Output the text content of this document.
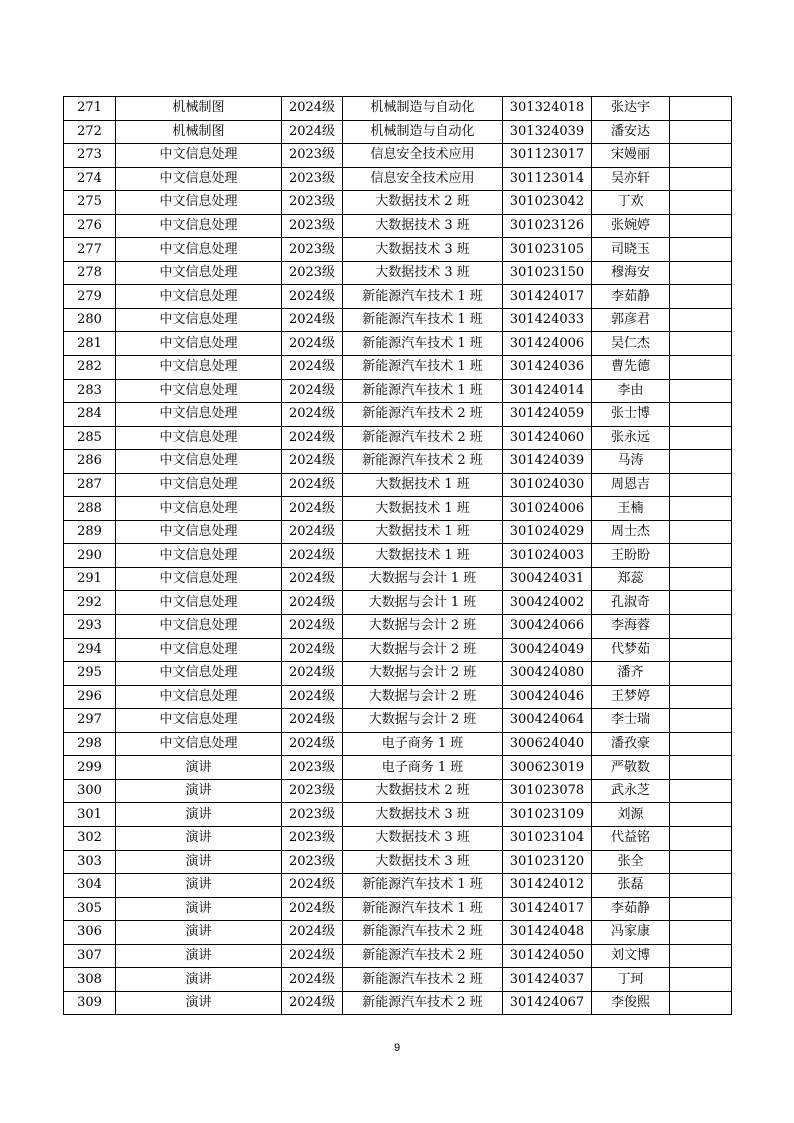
271	机械制图	2024级	机械制造与自动化	301324018	张达宇	
272	机械制图	2024级	机械制造与自动化	301324039	潘安达	
273	中文信息处理	2023级	信息安全技术应用	301123017	宋嫚丽	
274	中文信息处理	2023级	信息安全技术应用	301123014	吴亦轩	
275	中文信息处理	2023级	大数据技术 2 班	301023042	丁欢	
276	中文信息处理	2023级	大数据技术 3 班	301023126	张婉婷	
277	中文信息处理	2023级	大数据技术 3 班	301023105	司晓玉	
278	中文信息处理	2023级	大数据技术 3 班	301023150	穆海安	
279	中文信息处理	2024级	新能源汽车技术 1 班	301424017	李茹静	
280	中文信息处理	2024级	新能源汽车技术 1 班	301424033	郭彦君	
281	中文信息处理	2024级	新能源汽车技术 1 班	301424006	吴仁杰	
282	中文信息处理	2024级	新能源汽车技术 1 班	301424036	曹先德	
283	中文信息处理	2024级	新能源汽车技术 1 班	301424014	李由	
284	中文信息处理	2024级	新能源汽车技术 2 班	301424059	张士博	
285	中文信息处理	2024级	新能源汽车技术 2 班	301424060	张永远	
286	中文信息处理	2024级	新能源汽车技术 2 班	301424039	马涛	
287	中文信息处理	2024级	大数据技术 1 班	301024030	周恩吉	
288	中文信息处理	2024级	大数据技术 1 班	301024006	王楠	
289	中文信息处理	2024级	大数据技术 1 班	301024029	周士杰	
290	中文信息处理	2024级	大数据技术 1 班	301024003	王盼盼	
291	中文信息处理	2024级	大数据与会计 1 班	300424031	郑蕊	
292	中文信息处理	2024级	大数据与会计 1 班	300424002	孔淑奇	
293	中文信息处理	2024级	大数据与会计 2 班	300424066	李海蓉	
294	中文信息处理	2024级	大数据与会计 2 班	300424049	代梦茹	
295	中文信息处理	2024级	大数据与会计 2 班	300424080	潘齐	
296	中文信息处理	2024级	大数据与会计 2 班	300424046	王梦婷	
297	中文信息处理	2024级	大数据与会计 2 班	300424064	李士瑞	
298	中文信息处理	2024级	电子商务 1 班	300624040	潘孜豪	
299	演讲	2023级	电子商务 1 班	300623019	严敬数	
300	演讲	2023级	大数据技术 2 班	301023078	武永芝	
301	演讲	2023级	大数据技术 3 班	301023109	刘源	
302	演讲	2023级	大数据技术 3 班	301023104	代益铭	
303	演讲	2023级	大数据技术 3 班	301023120	张全	
304	演讲	2024级	新能源汽车技术 1 班	301424012	张磊	
305	演讲	2024级	新能源汽车技术 1 班	301424017	李茹静	
306	演讲	2024级	新能源汽车技术 2 班	301424048	冯家康	
307	演讲	2024级	新能源汽车技术 2 班	301424050	刘文博	
308	演讲	2024级	新能源汽车技术 2 班	301424037	丁珂	
309	演讲	2024级	新能源汽车技术 2 班	301424067	李俊熙	
9
